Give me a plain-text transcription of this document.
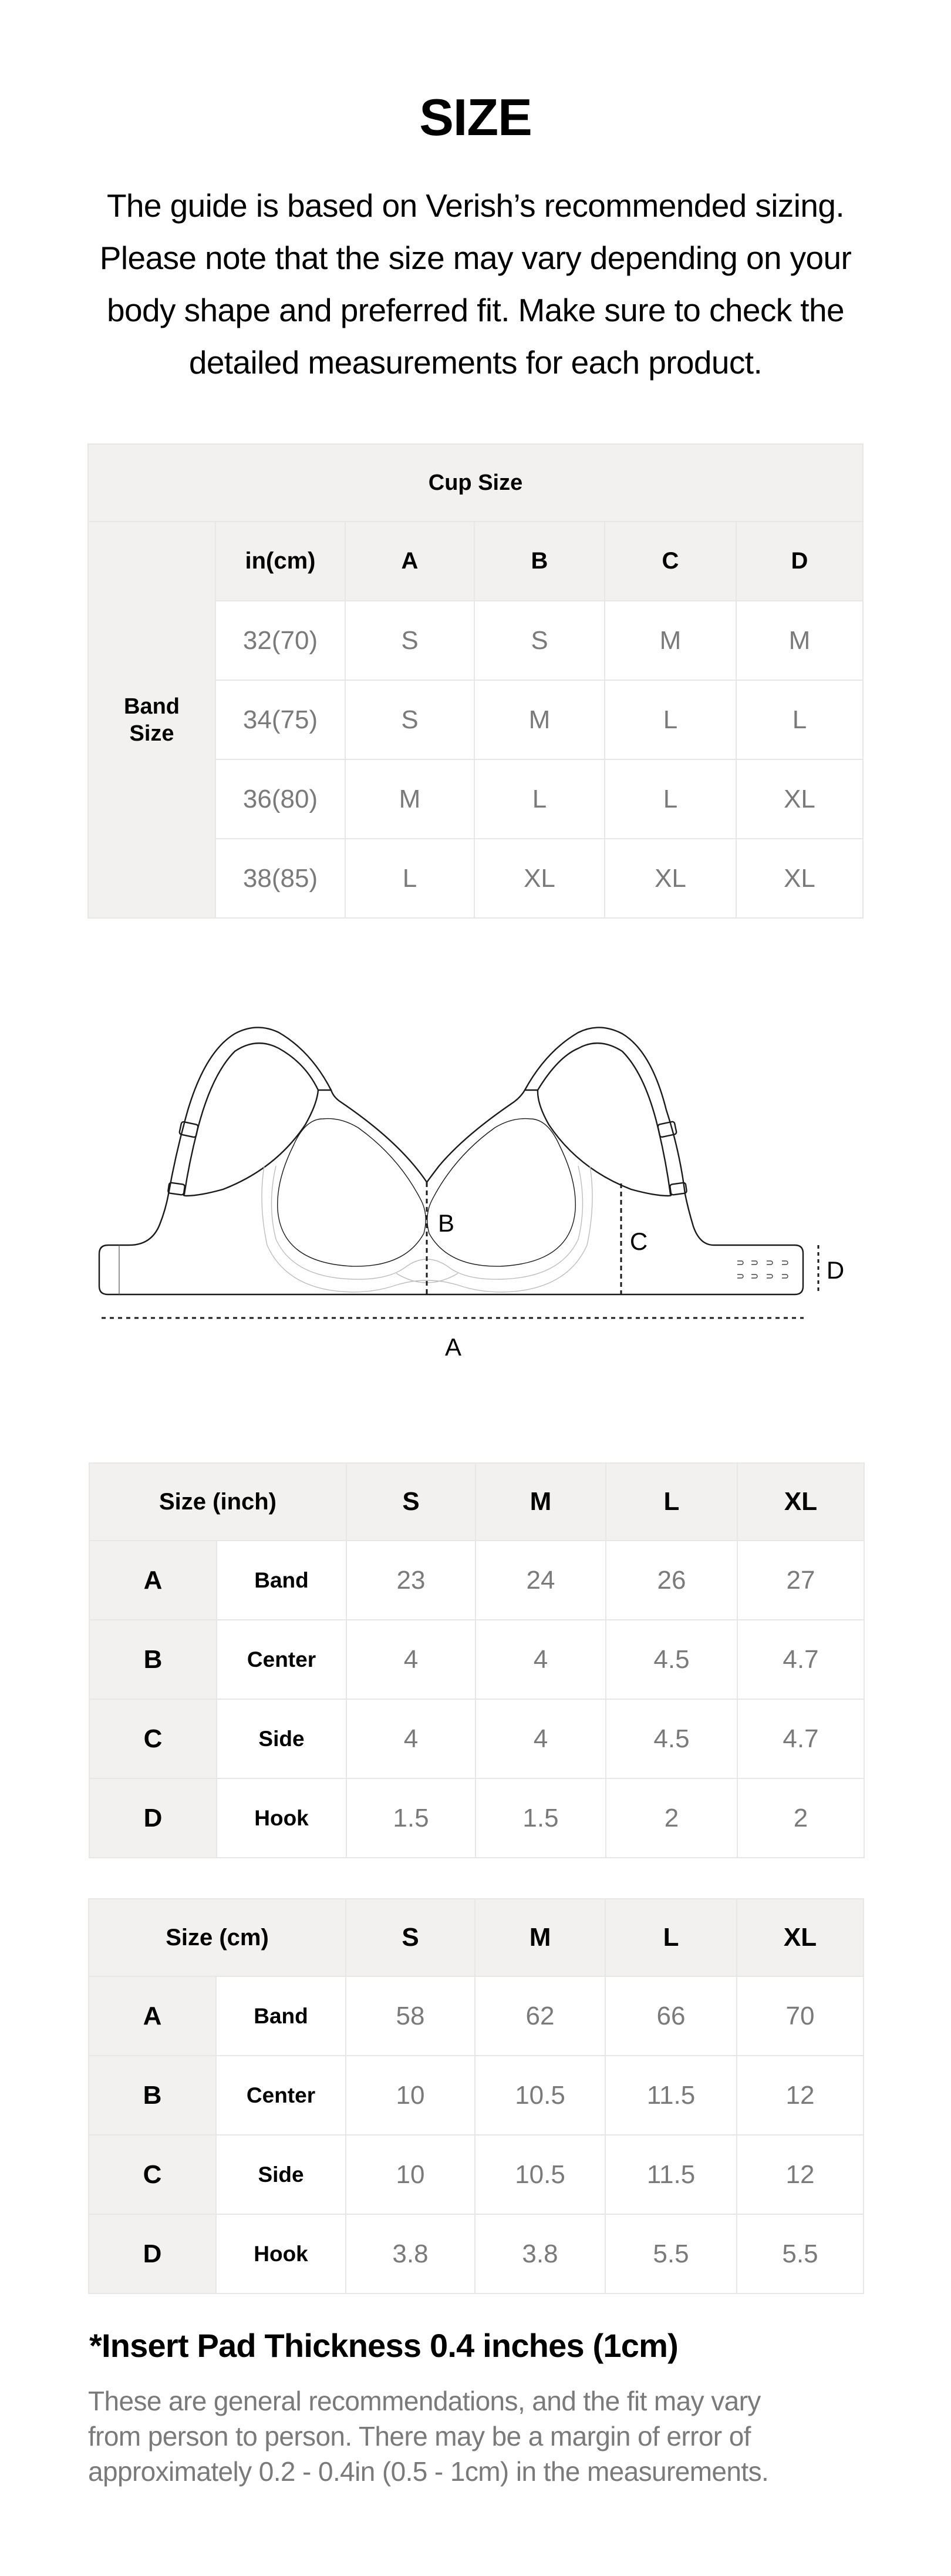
SIZE
The guide is based on Verish’s recommended sizing.
Please note that the size may vary depending on your
body shape and preferred fit. Make sure to check the
detailed measurements for each product.
Cup Size					
Band Size	in(cm)	A	B	C	D
	32(70)	S	S	M	M
	34(75)	S	M	L	L
	36(80)	M	L	L	XL
	38(85)	L	XL	XL	XL
A
B
C
D
Size (inch)		S	M	L	XL
A	Band	23	24	26	27
B	Center	4	4	4.5	4.7
C	Side	4	4	4.5	4.7
D	Hook	1.5	1.5	2	2
Size (cm)		S	M	L	XL
A	Band	58	62	66	70
B	Center	10	10.5	11.5	12
C	Side	10	10.5	11.5	12
D	Hook	3.8	3.8	5.5	5.5
*Insert Pad Thickness 0.4 inches (1cm)
These are general recommendations, and the fit may vary
from person to person. There may be a margin of error of
approximately 0.2 - 0.4in (0.5 - 1cm) in the measurements.
